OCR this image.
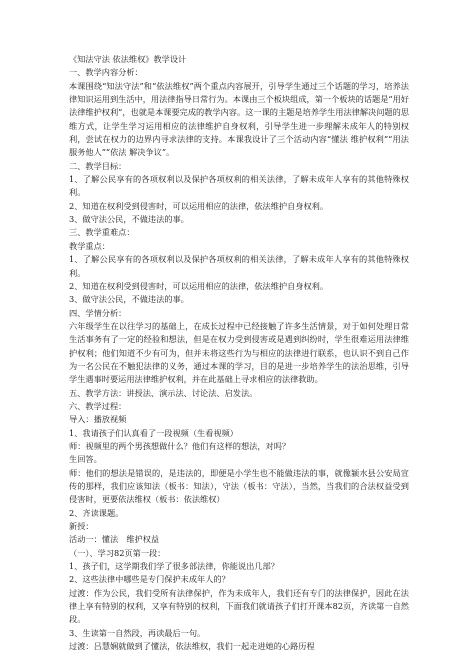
《知法守法 依法维权》教学设计

一、教学内容分析：

本课围绕“知法守法”和“依法维权”两个重点内容展开，引导学生通过三个话题的学习，培养法律知识运用到生活中，用法律指导日常行为。本课由三个板块组成，第一个板块的话题是“用好法律维护权利”，也就是本课要完成的教学内容。这一课的主题是培养学生用法律解决问题的思维方式，让学生学习运用相应的法律维护自身权利，引导学生进一步理解未成年人的特别权利，尝试在权力的边界内寻求法律的支持。本课我设计了三个活动内容“懂法 维护权利”“用法 服务他人”“依法 解决争议”。

二、教学目标：

1、了解公民享有的各项权利以及保护各项权利的相关法律，了解未成年人享有的其他特殊权利。

2、知道在权利受到侵害时，可以运用相应的法律，依法维护自身权利。

3、做守法公民，不做违法的事。

三、教学重难点：

教学重点：

1、了解公民享有的各项权利以及保护各项权利的相关法律，了解未成年人享有的其他特殊权利。

2、知道在权利受到侵害时，可以运用相应的法律，依法维护自身权利。

3、做守法公民，不做违法的事。

四、学情分析：

六年级学生在以往学习的基础上，在成长过程中已经接触了许多生活情景，对于如何处理日常生活事务有了一定的经验和想法，但是在权力受到侵害或是遇到纠纷时，学生很难运用法律维护权利；他们知道不少有可为，但并未将这些行为与相应的法律进行联系，也认识不到自己作为一名公民在不触犯法律的义务，通过本课的学习，目的是进一步培养学生的法治思维，引导学生遇事时要运用法律维护权利，并在此基础上寻求相应的法律救助。

五、教学方法：讲授法、演示法、讨论法、启发法。

六、教学过程：

导入：播放视频

1、我请孩子们认真看了一段视频（生看视频）

师：视频里的两个男孩想做什么？他们有这样的想法，对吗？

生回答。

师：他们的想法是错误的，是违法的，即便是小学生也不能做违法的事，就像颍水县公安局宣传的那样，我们应该知法（板书：知法），守法（板书：守法），当然，当我们的合法权益受到侵害时，更要依法维权（板书：依法维权）

2、齐读课题。

新授：

活动一：懂法　维护权益

（一）、学习82页第一段：

1、孩子们，这学期我们学了很多部法律，你能说出几部？

2、这些法律中哪些是专门保护未成年人的？

过渡：作为公民，我们受所有法律保护，作为未成年人，我们还有专门的法律保护，因此在法律上享有特别的权利，又享有特别的权利，下面我们就请孩子们打开课本82页，齐读第一自然段。

3、生读第一自然段，再读最后一句。

过渡：吕慧娴就做到了懂法，依法维权，我们一起走进她的心路历程
